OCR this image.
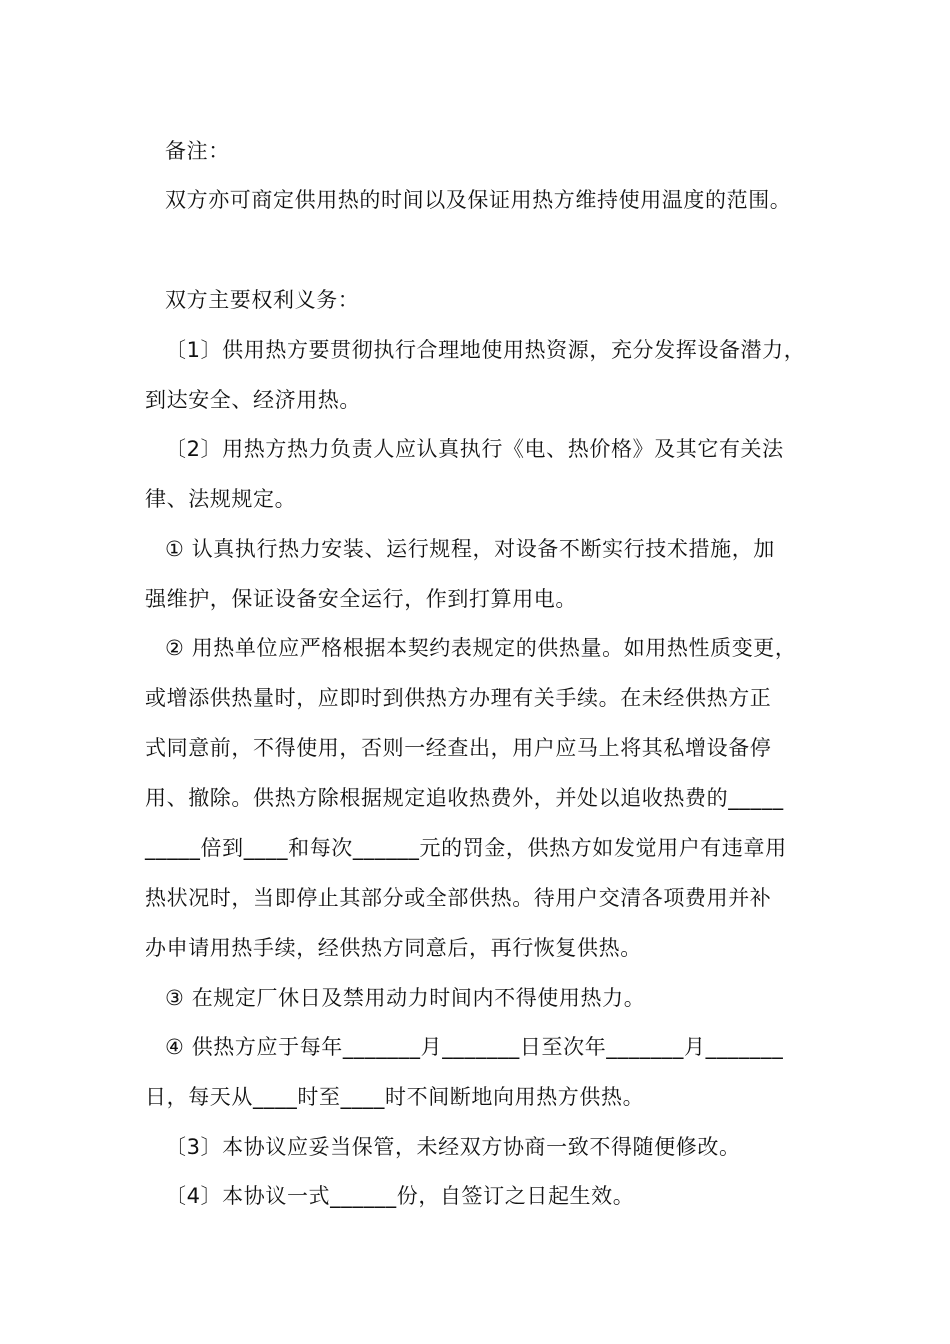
备注：
双方亦可商定供用热的时间以及保证用热方维持使用温度的范围。
双方主要权利义务：
〔1〕供用热方要贯彻执行合理地使用热资源，充分发挥设备潜力，
到达安全、经济用热。
〔2〕用热方热力负责人应认真执行《电、热价格》及其它有关法
律、法规规定。
① 认真执行热力安装、运行规程，对设备不断实行技术措施，加
强维护，保证设备安全运行，作到打算用电。
② 用热单位应严格根据本契约表规定的供热量。如用热性质变更，
或增添供热量时，应即时到供热方办理有关手续。在未经供热方正
式同意前，不得使用，否则一经查出，用户应马上将其私增设备停
用、撤除。供热方除根据规定追收热费外，并处以追收热费的_____
_____倍到____和每次______元的罚金，供热方如发觉用户有违章用
热状况时，当即停止其部分或全部供热。待用户交清各项费用并补
办申请用热手续，经供热方同意后，再行恢复供热。
③ 在规定厂休日及禁用动力时间内不得使用热力。
④ 供热方应于每年_______月_______日至次年_______月_______
日，每天从____时至____时不间断地向用热方供热。
〔3〕本协议应妥当保管，未经双方协商一致不得随便修改。
〔4〕本协议一式______份，自签订之日起生效。
